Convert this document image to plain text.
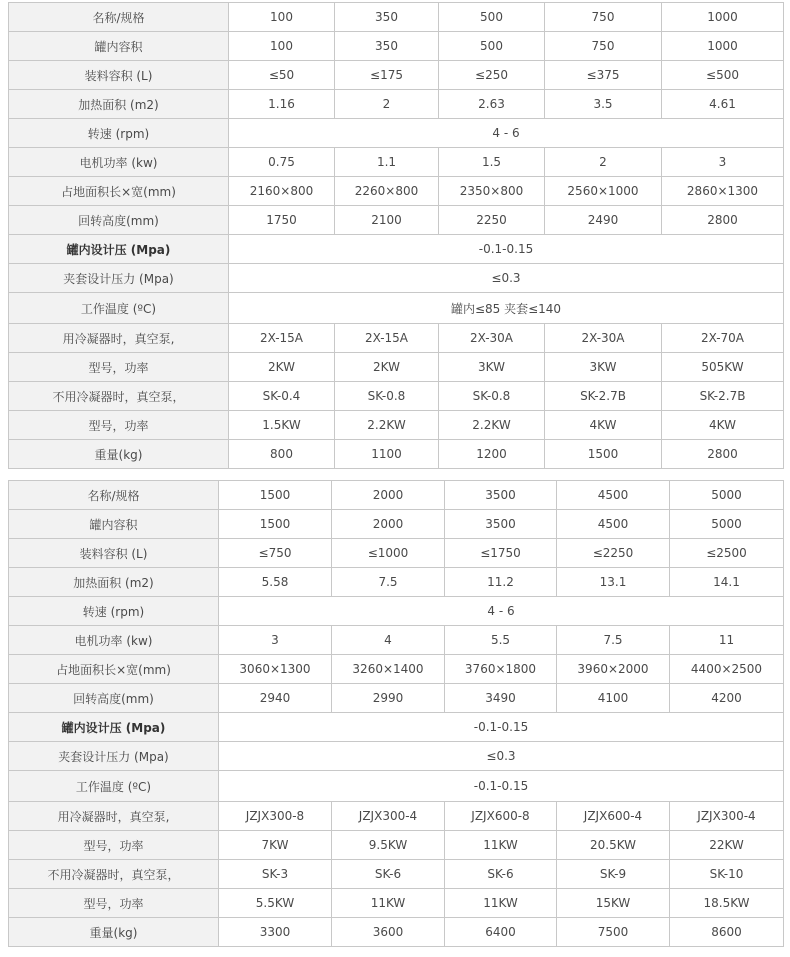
名称/规格	100	350	500	750	1000
罐内容积	100	350	500	750	1000
装料容积 (L)	≤50	≤175	≤250	≤375	≤500
加热面积 (m2)	1.16	2	2.63	3.5	4.61
转速 (rpm)	4 - 6				
电机功率 (kw)	0.75	1.1	1.5	2	3
占地面积长×宽(mm)	2160×800	2260×800	2350×800	2560×1000	2860×1300
回转高度(mm)	1750	2100	2250	2490	2800
罐内设计压 (Mpa)	-0.1-0.15				
夹套设计压力 (Mpa)	≤0.3				
工作温度 (ºC)	罐内≤85 夹套≤140				
用冷凝器时，真空泵,	2X-15A	2X-15A	2X-30A	2X-30A	2X-70A
型号，功率	2KW	2KW	3KW	3KW	505KW
不用冷凝器时，真空泵，	SK-0.4	SK-0.8	SK-0.8	SK-2.7B	SK-2.7B
型号，功率	1.5KW	2.2KW	2.2KW	4KW	4KW
重量(kg)	800	1100	1200	1500	2800
名称/规格	1500	2000	3500	4500	5000
罐内容积	1500	2000	3500	4500	5000
装料容积 (L)	≤750	≤1000	≤1750	≤2250	≤2500
加热面积 (m2)	5.58	7.5	11.2	13.1	14.1
转速 (rpm)	4 - 6				
电机功率 (kw)	3	4	5.5	7.5	11
占地面积长×宽(mm)	3060×1300	3260×1400	3760×1800	3960×2000	4400×2500
回转高度(mm)	2940	2990	3490	4100	4200
罐内设计压 (Mpa)	-0.1-0.15				
夹套设计压力 (Mpa)	≤0.3				
工作温度 (ºC)	-0.1-0.15				
用冷凝器时，真空泵,	JZJX300-8	JZJX300-4	JZJX600-8	JZJX600-4	JZJX300-4
型号，功率	7KW	9.5KW	11KW	20.5KW	22KW
不用冷凝器时，真空泵，	SK-3	SK-6	SK-6	SK-9	SK-10
型号，功率	5.5KW	11KW	11KW	15KW	18.5KW
重量(kg)	3300	3600	6400	7500	8600
